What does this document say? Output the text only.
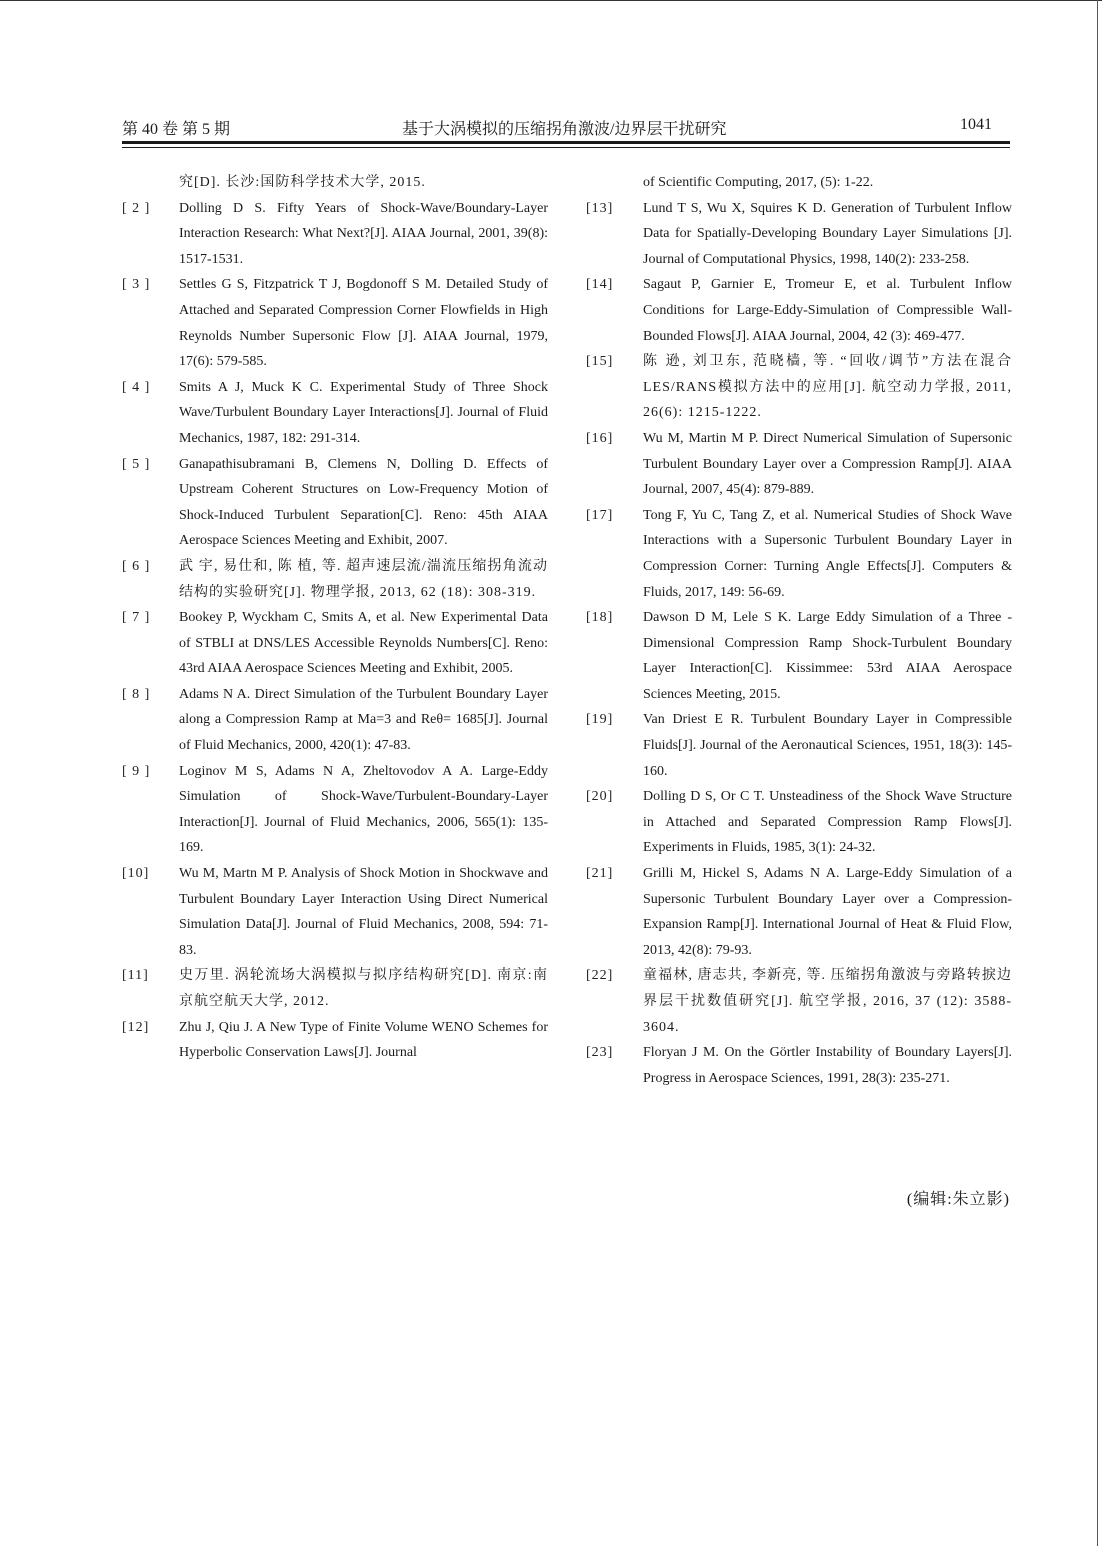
第 40 卷 第 5 期	基于大涡模拟的压缩拐角激波/边界层干扰研究	1041
究[D]. 长沙:国防科学技术大学, 2015.
[ 2 ]	Dolling D S. Fifty Years of Shock-Wave/Boundary-Layer Interaction Research: What Next?[J]. AIAA Journal, 2001, 39(8): 1517-1531.
[ 3 ]	Settles G S, Fitzpatrick T J, Bogdonoff S M. Detailed Study of Attached and Separated Compression Corner Flowfields in High Reynolds Number Supersonic Flow [J]. AIAA Journal, 1979, 17(6): 579-585.
[ 4 ]	Smits A J, Muck K C. Experimental Study of Three Shock Wave/Turbulent Boundary Layer Interactions[J]. Journal of Fluid Mechanics, 1987, 182: 291-314.
[ 5 ]	Ganapathisubramani B, Clemens N, Dolling D. Effects of Upstream Coherent Structures on Low-Frequency Motion of Shock-Induced Turbulent Separation[C]. Reno: 45th AIAA Aerospace Sciences Meeting and Exhibit, 2007.
[ 6 ]	武 宇, 易仕和, 陈 植, 等. 超声速层流/湍流压缩拐角流动结构的实验研究[J]. 物理学报, 2013, 62 (18): 308-319.
[ 7 ]	Bookey P, Wyckham C, Smits A, et al. New Experimental Data of STBLI at DNS/LES Accessible Reynolds Numbers[C]. Reno: 43rd AIAA Aerospace Sciences Meeting and Exhibit, 2005.
[ 8 ]	Adams N A. Direct Simulation of the Turbulent Boundary Layer along a Compression Ramp at Ma=3 and Reθ= 1685[J]. Journal of Fluid Mechanics, 2000, 420(1): 47-83.
[ 9 ]	Loginov M S, Adams N A, Zheltovodov A A. Large-Eddy Simulation of Shock-Wave/Turbulent-Boundary-Layer Interaction[J]. Journal of Fluid Mechanics, 2006, 565(1): 135-169.
[10]	Wu M, Martn M P. Analysis of Shock Motion in Shockwave and Turbulent Boundary Layer Interaction Using Direct Numerical Simulation Data[J]. Journal of Fluid Mechanics, 2008, 594: 71-83.
[11]	史万里. 涡轮流场大涡模拟与拟序结构研究[D]. 南京:南京航空航天大学, 2012.
[12]	Zhu J, Qiu J. A New Type of Finite Volume WENO Schemes for Hyperbolic Conservation Laws[J]. Journal
of Scientific Computing, 2017, (5): 1-22.
[13]	Lund T S, Wu X, Squires K D. Generation of Turbulent Inflow Data for Spatially-Developing Boundary Layer Simulations [J]. Journal of Computational Physics, 1998, 140(2): 233-258.
[14]	Sagaut P, Garnier E, Tromeur E, et al. Turbulent Inflow Conditions for Large-Eddy-Simulation of Compressible Wall-Bounded Flows[J]. AIAA Journal, 2004, 42 (3): 469-477.
[15]	陈 逊, 刘卫东, 范晓樯, 等. “回收/调节”方法在混合LES/RANS模拟方法中的应用[J]. 航空动力学报, 2011, 26(6): 1215-1222.
[16]	Wu M, Martin M P. Direct Numerical Simulation of Supersonic Turbulent Boundary Layer over a Compression Ramp[J]. AIAA Journal, 2007, 45(4): 879-889.
[17]	Tong F, Yu C, Tang Z, et al. Numerical Studies of Shock Wave Interactions with a Supersonic Turbulent Boundary Layer in Compression Corner: Turning Angle Effects[J]. Computers & Fluids, 2017, 149: 56-69.
[18]	Dawson D M, Lele S K. Large Eddy Simulation of a Three - Dimensional Compression Ramp Shock-Turbulent Boundary Layer Interaction[C]. Kissimmee: 53rd AIAA Aerospace Sciences Meeting, 2015.
[19]	Van Driest E R. Turbulent Boundary Layer in Compressible Fluids[J]. Journal of the Aeronautical Sciences, 1951, 18(3): 145-160.
[20]	Dolling D S, Or C T. Unsteadiness of the Shock Wave Structure in Attached and Separated Compression Ramp Flows[J]. Experiments in Fluids, 1985, 3(1): 24-32.
[21]	Grilli M, Hickel S, Adams N A. Large-Eddy Simulation of a Supersonic Turbulent Boundary Layer over a Compression-Expansion Ramp[J]. International Journal of Heat & Fluid Flow, 2013, 42(8): 79-93.
[22]	童福林, 唐志共, 李新亮, 等. 压缩拐角激波与旁路转捩边界层干扰数值研究[J]. 航空学报, 2016, 37 (12): 3588-3604.
[23]	Floryan J M. On the Görtler Instability of Boundary Layers[J]. Progress in Aerospace Sciences, 1991, 28(3): 235-271.
(编辑:朱立影)
